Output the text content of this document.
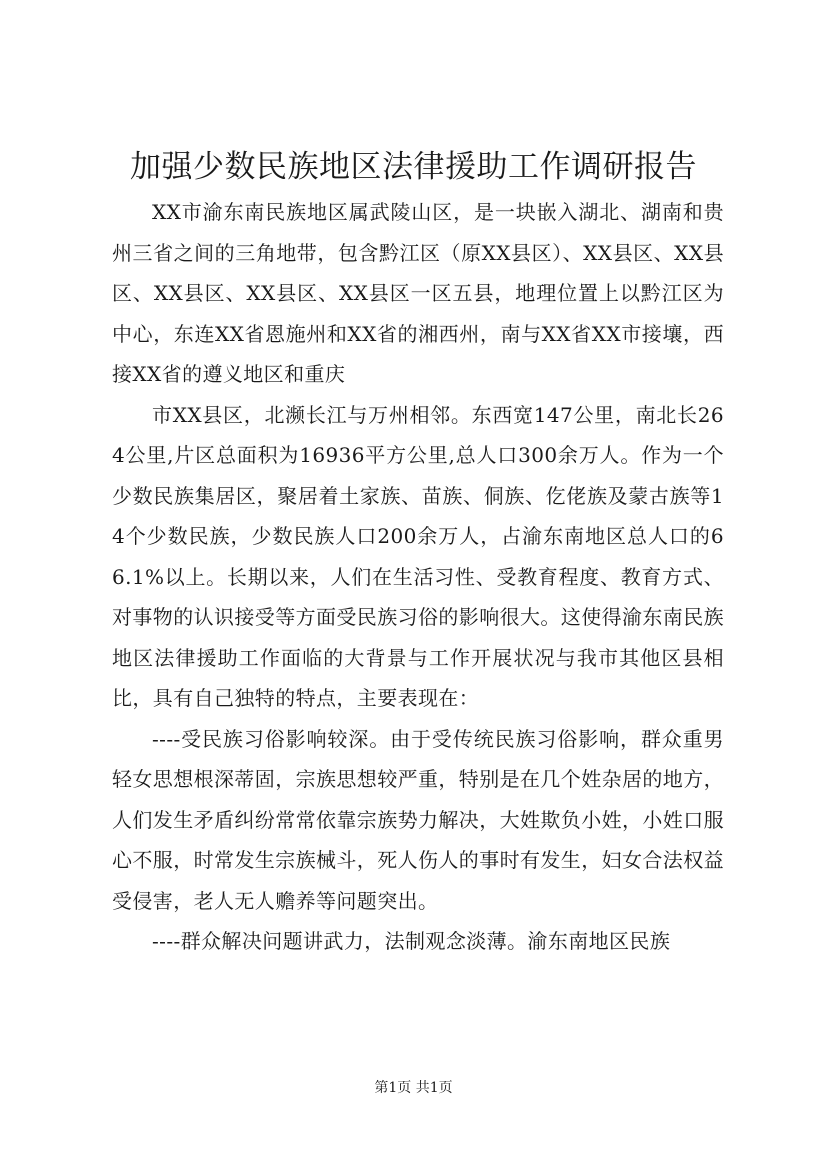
加强少数民族地区法律援助工作调研报告

XX市渝东南民族地区属武陵山区，是一块嵌入湖北、湖南和贵州三省之间的三角地带，包含黔江区（原XX县区）、XX县区、XX县区、XX县区、XX县区、XX县区一区五县，地理位置上以黔江区为中心，东连XX省恩施州和XX省的湘西州，南与XX省XX市接壤，西接XX省的遵义地区和重庆

市XX县区，北濒长江与万州相邻。东西宽147公里，南北长264公里,片区总面积为16936平方公里,总人口300余万人。作为一个少数民族集居区，聚居着土家族、苗族、侗族、仡佬族及蒙古族等14个少数民族，少数民族人口200余万人，占渝东南地区总人口的66.1%以上。长期以来，人们在生活习性、受教育程度、教育方式、对事物的认识接受等方面受民族习俗的影响很大。这使得渝东南民族地区法律援助工作面临的大背景与工作开展状况与我市其他区县相比，具有自己独特的特点，主要表现在：

----受民族习俗影响较深。由于受传统民族习俗影响，群众重男轻女思想根深蒂固，宗族思想较严重，特别是在几个姓杂居的地方，人们发生矛盾纠纷常常依靠宗族势力解决，大姓欺负小姓，小姓口服心不服，时常发生宗族械斗，死人伤人的事时有发生，妇女合法权益受侵害，老人无人赡养等问题突出。

----群众解决问题讲武力，法制观念淡薄。渝东南地区民族

第1页 共1页
